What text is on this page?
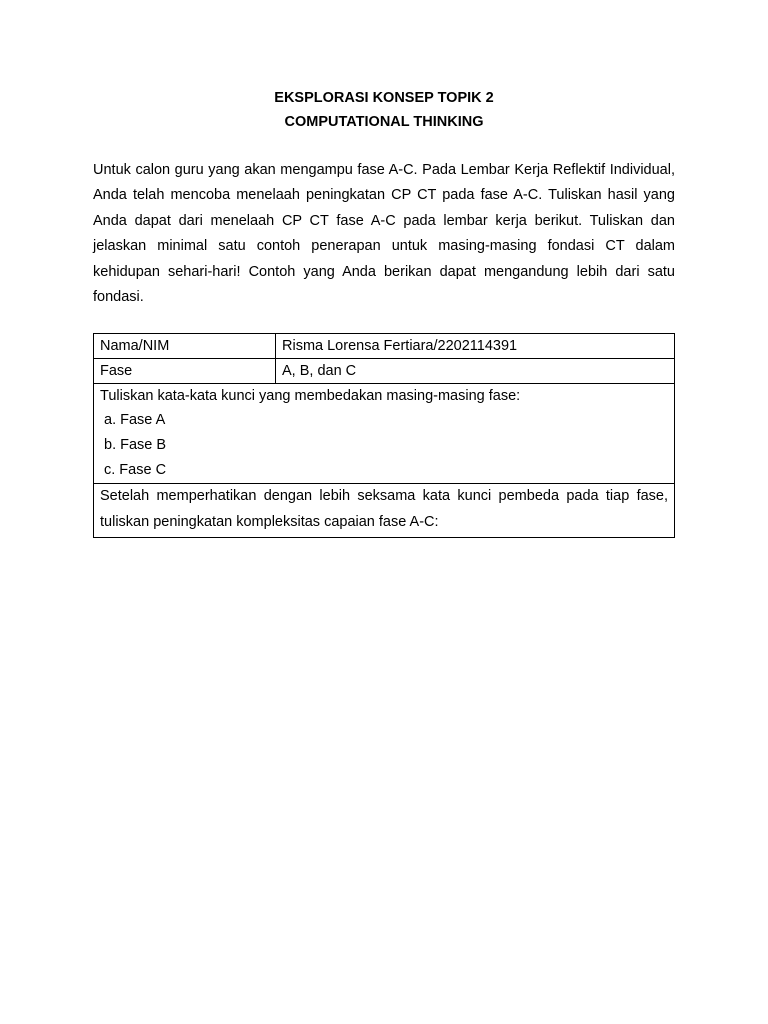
EKSPLORASI KONSEP TOPIK 2
COMPUTATIONAL THINKING

Untuk calon guru yang akan mengampu fase A-C. Pada Lembar Kerja Reflektif Individual, Anda telah mencoba menelaah peningkatan CP CT pada fase A-C. Tuliskan hasil yang Anda dapat dari menelaah CP CT fase A-C pada lembar kerja berikut. Tuliskan dan jelaskan minimal satu contoh penerapan untuk masing-masing fondasi CT dalam kehidupan sehari-hari! Contoh yang Anda berikan dapat mengandung lebih dari satu fondasi.

Nama/NIM	Risma Lorensa Fertiara/2202114391
Fase	A, B, dan C

Tuliskan kata-kata kunci yang membedakan masing-masing fase:
a. Fase A
b. Fase B
c. Fase C	

Setelah memperhatikan dengan lebih seksama kata kunci pembeda pada tiap fase, tuliskan peningkatan kompleksitas capaian fase A-C:	
